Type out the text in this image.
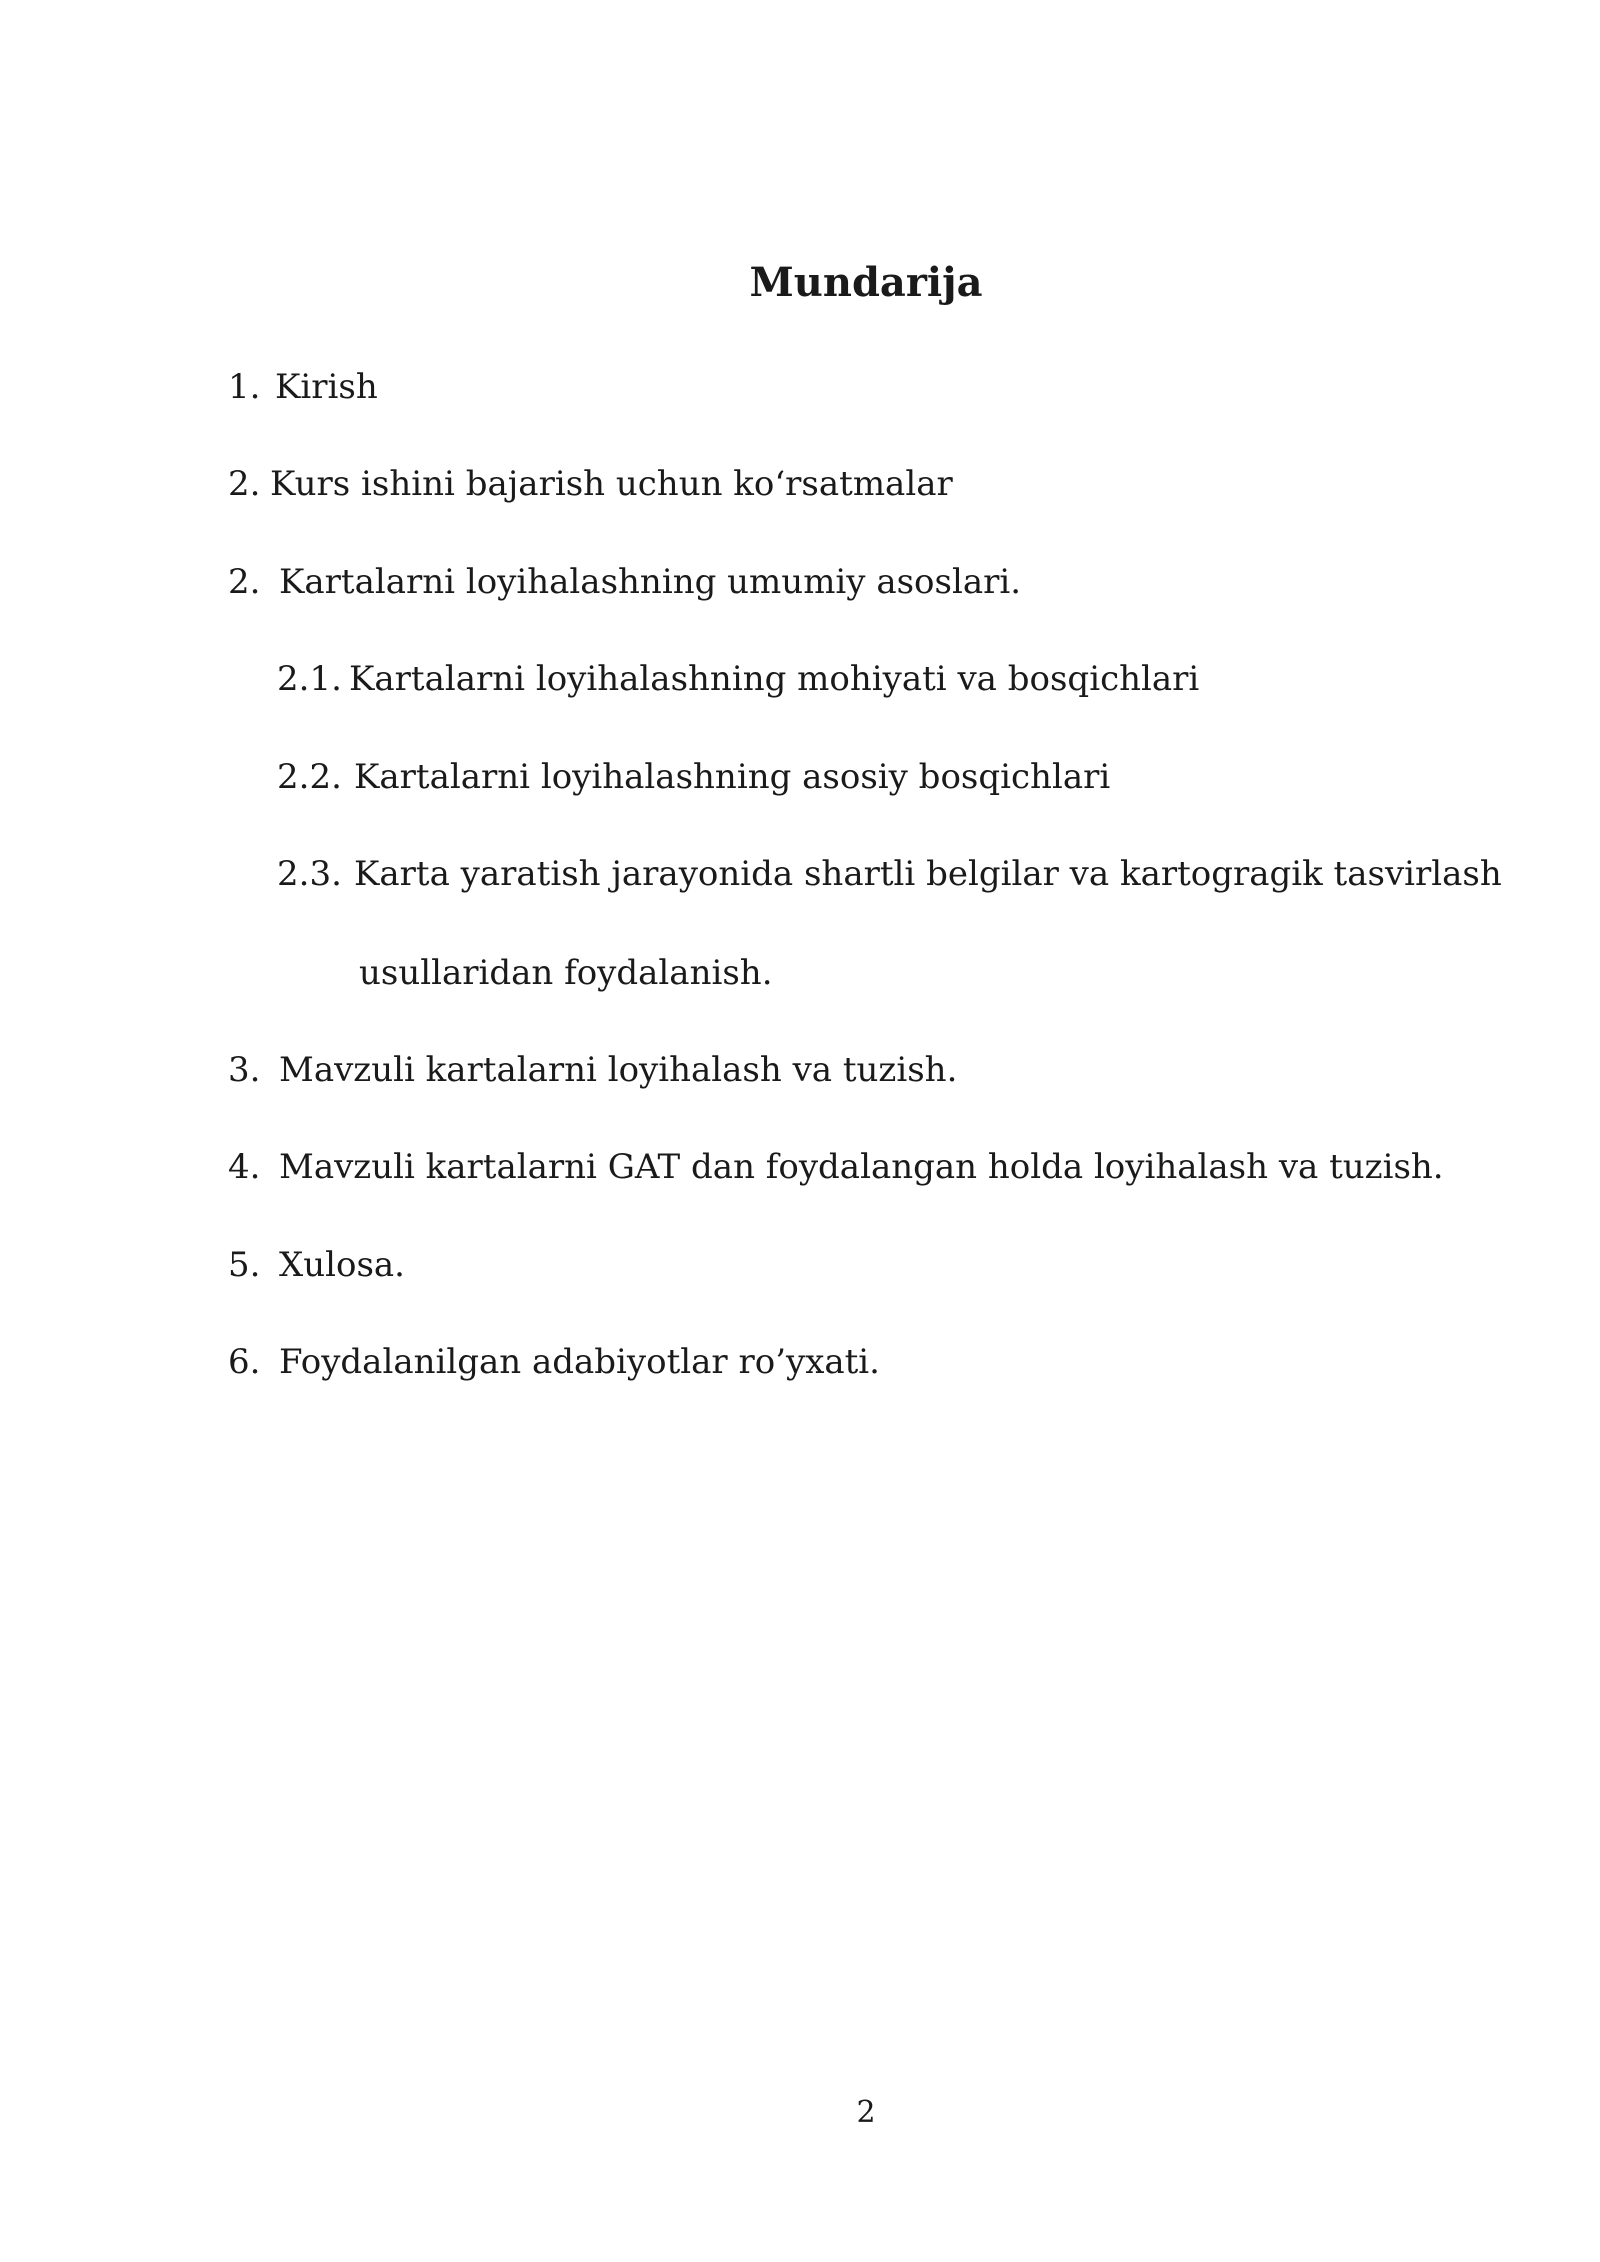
Mundarija
1. Kirish
2. Kurs ishini bajarish uchun ko‘rsatmalar
2. Kartalarni loyihalashning umumiy asoslari.
2.1. Kartalarni loyihalashning mohiyati va bosqichlari
2.2. Kartalarni loyihalashning asosiy bosqichlari
2.3. Karta yaratish jarayonida shartli belgilar va kartogragik tasvirlash
usullaridan foydalanish.
3. Mavzuli kartalarni loyihalash va tuzish.
4. Mavzuli kartalarni GAT dan foydalangan holda loyihalash va tuzish.
5. Xulosa.
6. Foydalanilgan adabiyotlar ro’yxati.
2
